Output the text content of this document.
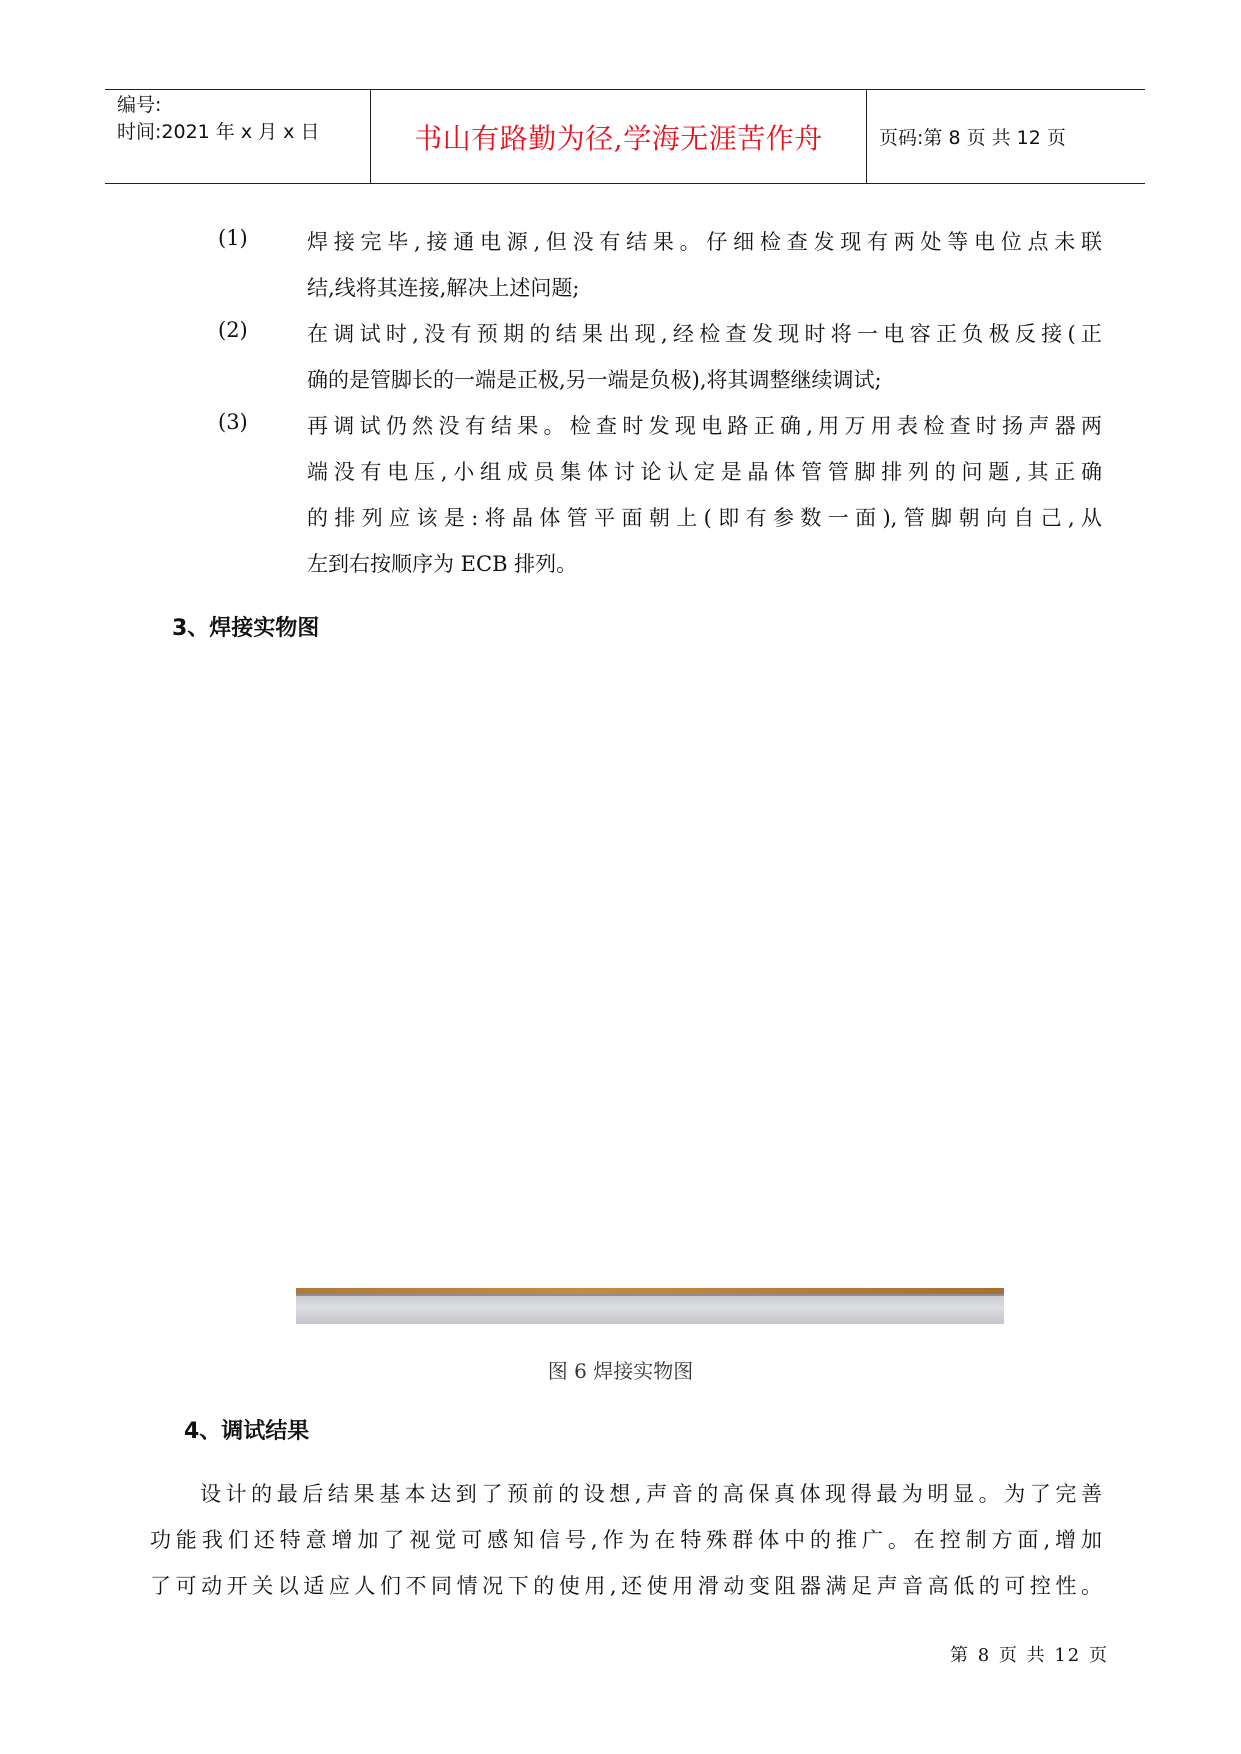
编号:
时间:2021 年 x 月 x 日	书山有路勤为径,学海无涯苦作舟	页码:第 8 页 共 12 页
(1)	焊接完毕,接通电源,但没有结果。仔细检查发现有两处等电位点未联
结,线将其连接,解决上述问题;
(2)	在调试时,没有预期的结果出现,经检查发现时将一电容正负极反接(正
确的是管脚长的一端是正极,另一端是负极),将其调整继续调试;
(3)	再调试仍然没有结果。检查时发现电路正确,用万用表检查时扬声器两
端没有电压,小组成员集体讨论认定是晶体管管脚排列的问题,其正确
的排列应该是:将晶体管平面朝上(即有参数一面),管脚朝向自己,从
左到右按顺序为 ECB 排列。
3、焊接实物图
图 6 焊接实物图
4、调试结果
设计的最后结果基本达到了预前的设想,声音的高保真体现得最为明显。为了完善
功能我们还特意增加了视觉可感知信号,作为在特殊群体中的推广。在控制方面,增加
了可动开关以适应人们不同情况下的使用,还使用滑动变阻器满足声音高低的可控性。
第 8 页 共 12 页
